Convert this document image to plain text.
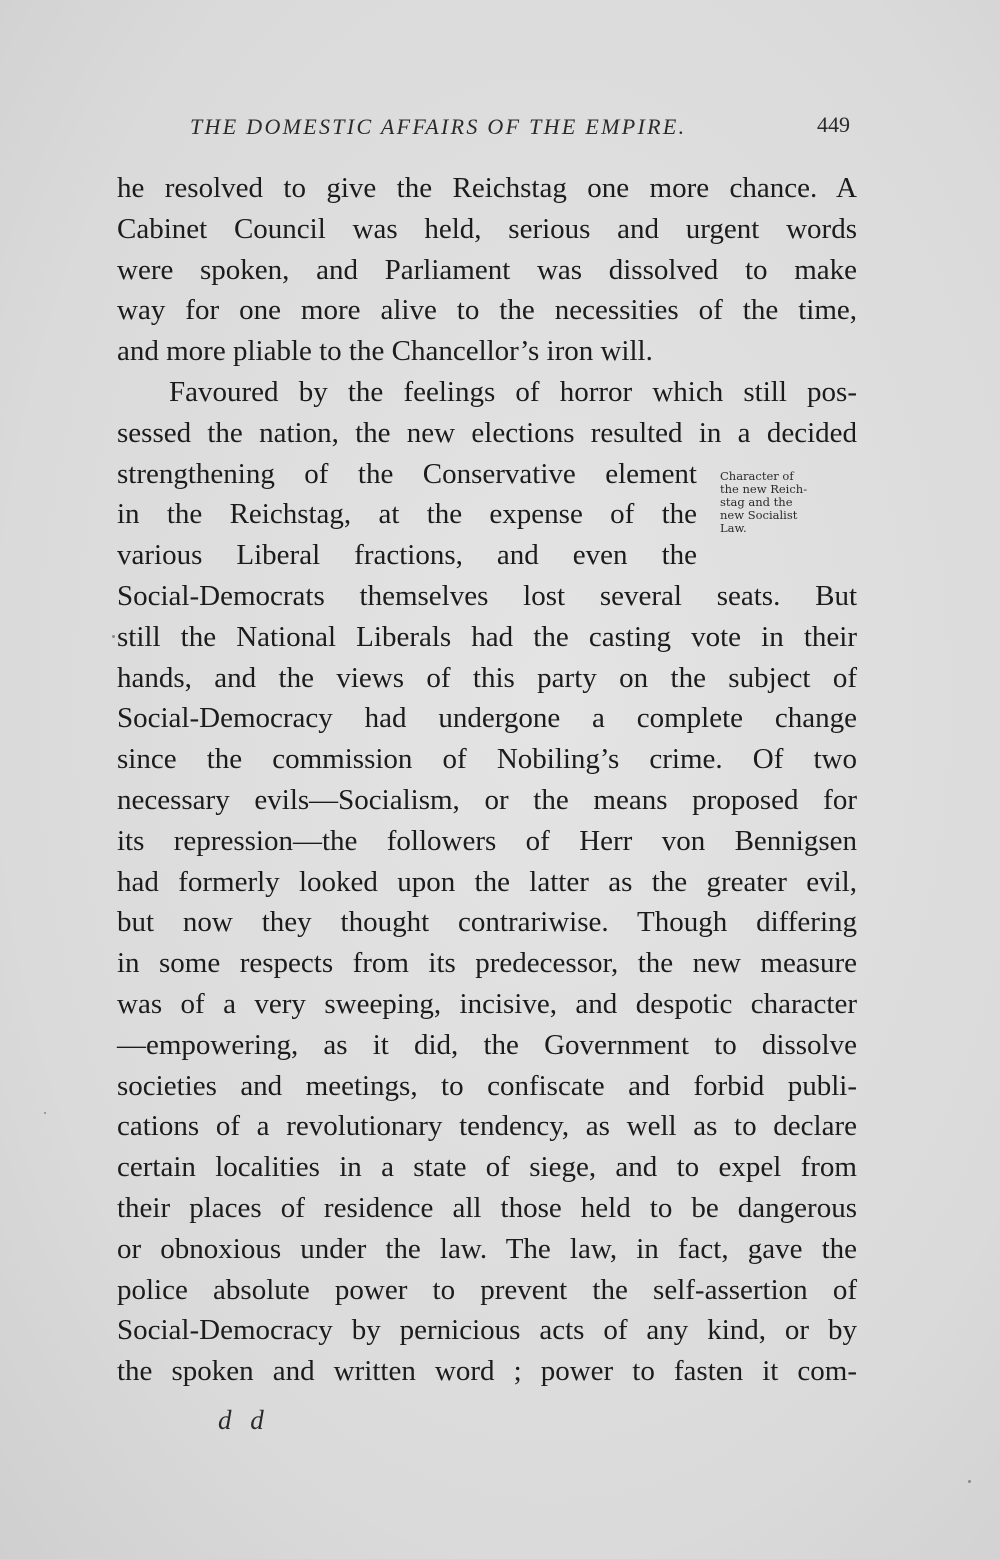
THE DOMESTIC AFFAIRS OF THE EMPIRE.	449
he resolved to give the Reichstag one more chance. A
Cabinet Council was held, serious and urgent words
were spoken, and Parliament was dissolved to make
way for one more alive to the necessities of the time,
and more pliable to the Chancellor’s iron will.
Favoured by the feelings of horror which still pos-
sessed the nation, the new elections resulted in a decided
strengthening of the Conservative element
in the Reichstag, at the expense of the
various Liberal fractions, and even the
Social-Democrats themselves lost several seats. But
still the National Liberals had the casting vote in their
hands, and the views of this party on the subject of
Social-Democracy had undergone a complete change
since the commission of Nobiling’s crime. Of two
necessary evils—Socialism, or the means proposed for
its repression—the followers of Herr von Bennigsen
had formerly looked upon the latter as the greater evil,
but now they thought contrariwise. Though differing
in some respects from its predecessor, the new measure
was of a very sweeping, incisive, and despotic character
—empowering, as it did, the Government to dissolve
societies and meetings, to confiscate and forbid publi-
cations of a revolutionary tendency, as well as to declare
certain localities in a state of siege, and to expel from
their places of residence all those held to be dangerous
or obnoxious under the law. The law, in fact, gave the
police absolute power to prevent the self-assertion of
Social-Democracy by pernicious acts of any kind, or by
the spoken and written word ; power to fasten it com-
Character of
the new Reich-
stag and the
new Socialist
Law.
d d
